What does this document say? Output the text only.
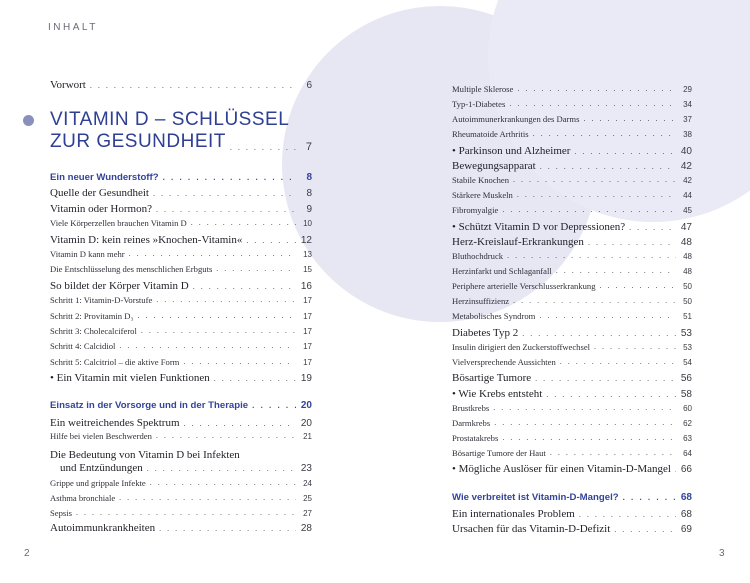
INHALT
Vorwort . . .	6
VITAMIN D – SCHLÜSSEL
ZUR GESUNDHEIT . . .	7
Ein neuer Wunderstoff? . . .	8
Quelle der Gesundheit . . .	8
Vitamin oder Hormon? . . .	9
Viele Körperzellen brauchen Vitamin D . . .	10
Vitamin D: kein reines »Knochen-Vitamin« . . .	12
Vitamin D kann mehr . . .	13
Die Entschlüsselung des menschlichen Erbguts . . .	15
So bildet der Körper Vitamin D . . .	16
Schritt 1: Vitamin-D-Vorstufe . . .	17
Schritt 2: Provitamin D₃ . . .	17
Schritt 3: Cholecalciferol . . .	17
Schritt 4: Calcidiol . . .	17
Schritt 5: Calcitriol – die aktive Form . . .	17
• Ein Vitamin mit vielen Funktionen . . .	19
Einsatz in der Vorsorge und in der Therapie . . .	20
Ein weitreichendes Spektrum . . .	20
Hilfe bei vielen Beschwerden . . .	21
Die Bedeutung von Vitamin D bei Infekten
und Entzündungen . . .	23
Grippe und grippale Infekte . . .	24
Asthma bronchiale . . .	25
Sepsis . . .	27
Autoimmunkrankheiten . . .	28
Multiple Sklerose . . .	29
Typ-1-Diabetes . . .	34
Autoimmunerkrankungen des Darms . . .	37
Rheumatoide Arthritis . . .	38
• Parkinson und Alzheimer . . .	40
Bewegungsapparat . . .	42
Stabile Knochen . . .	42
Stärkere Muskeln . . .	44
Fibromyalgie . . .	45
• Schützt Vitamin D vor Depressionen? . . .	47
Herz-Kreislauf-Erkrankungen . . .	48
Bluthochdruck . . .	48
Herzinfarkt und Schlaganfall . . .	48
Periphere arterielle Verschlusserkrankung . . .	50
Herzinsuffizienz . . .	50
Metabolisches Syndrom . . .	51
Diabetes Typ 2 . . .	53
Insulin dirigiert den Zuckerstoffwechsel . . .	53
Vielversprechende Aussichten . . .	54
Bösartige Tumore . . .	56
• Wie Krebs entsteht . . .	58
Brustkrebs . . .	60
Darmkrebs . . .	62
Prostatakrebs . . .	63
Bösartige Tumore der Haut . . .	64
• Mögliche Auslöser für einen Vitamin-D-Mangel . . . 66
Wie verbreitet ist Vitamin-D-Mangel? . . .	68
Ein internationales Problem . . .	68
Ursachen für das Vitamin-D-Defizit . . .	69
2	3
